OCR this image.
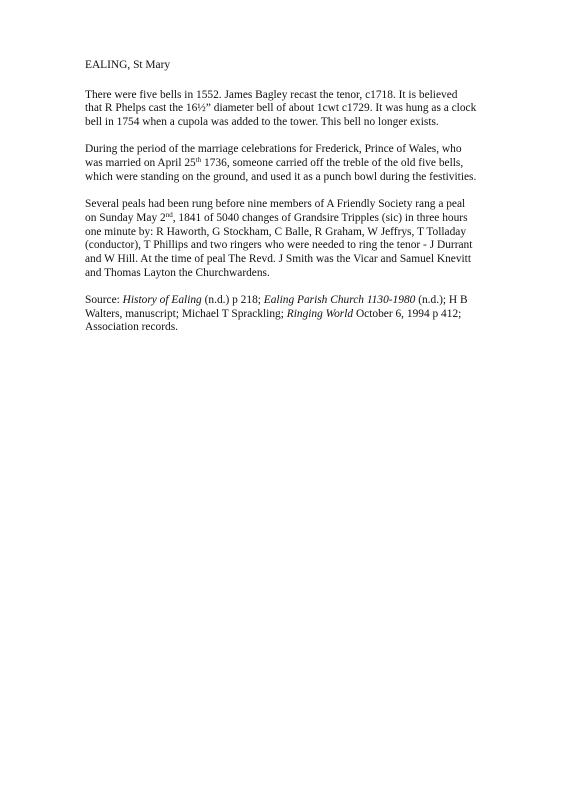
EALING, St Mary
There were five bells in 1552. James Bagley recast the tenor, c1718. It is believed
that R Phelps cast the 16½” diameter bell of about 1cwt c1729. It was hung as a clock
bell in 1754 when a cupola was added to the tower. This bell no longer exists.
During the period of the marriage celebrations for Frederick, Prince of Wales, who
was married on April 25th 1736, someone carried off the treble of the old five bells,
which were standing on the ground, and used it as a punch bowl during the festivities.
Several peals had been rung before nine members of A Friendly Society rang a peal
on Sunday May 2nd, 1841 of 5040 changes of Grandsire Tripples (sic) in three hours
one minute by: R Haworth, G Stockham, C Balle, R Graham, W Jeffrys, T Tolladay
(conductor), T Phillips and two ringers who were needed to ring the tenor - J Durrant
and W Hill. At the time of peal The Revd. J Smith was the Vicar and Samuel Knevitt
and Thomas Layton the Churchwardens.
Source: History of Ealing (n.d.) p 218; Ealing Parish Church 1130-1980 (n.d.); H B
Walters, manuscript; Michael T Sprackling; Ringing World October 6, 1994 p 412;
Association records.
